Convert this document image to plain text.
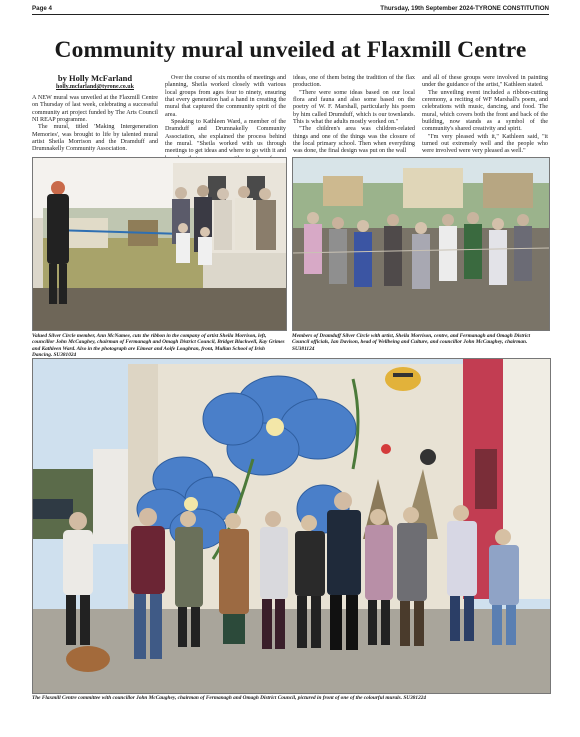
Page 4	Thursday, 19th September 2024-TYRONE CONSTITUTION
Community mural unveiled at Flaxmill Centre
by Holly McFarland
holly.mcfarland@tyrone.co.uk

A NEW mural was unveiled at the Flaxmill Centre on Thursday of last week, celebrating a successful community art project funded by The Arts Council NI REAP programme.

The mural, titled 'Making Intergeneration Memories', was brought to life by talented mural artist Sheila Morrison and the Dramduff and Drumnakelly Community Association.

Over the course of six months of meetings and planning, Sheila worked closely with various local groups from ages four to ninety, ensuring that every generation had a hand in creating the mural that captured the community spirit of the area.

Speaking to Kathleen Ward, a member of the Dramduff and Drumnakelly Community Association, she explained the process behind the mural. "Sheila worked with us through meetings to get ideas and where to go with it and

ideas, one of them being the tradition of the flax production.

"There were some ideas based on our local flora and fauna and also some based on the poetry of W. F. Marshall, particularly his poem by him called Drumduff, which is our townlands. This is what the adults mostly worked on."

"The children's area was children-related things and one of the things was the closure of the local primary school. Then when everything was done, the final design was put on the wall

and all of these groups were involved in painting under the guidance of the artist," Kathleen stated.

The unveiling event included a ribbon-cutting ceremony, a reciting of WF Marshall's poem, and celebrations with music, dancing, and food. The mural, which covers both the front and back of the building, now stands as a symbol of the community's shared creativity and spirit.

"I'm very pleased with it," Kathleen said, "it turned out extremely well and the people who were involved were very pleased as well."

Valued Silver Circle member, Ann McNamee, cuts the ribbon in the company of artist Sheila Morrison, left, councillor John McCaughey, chairman of Fermanagh and Omagh District Council, Bridget Blackwell, Kay Grimes and Kathleen Ward. Also in the photograph are Eimear and Aoife Loughran, front, Mullan School of Irish Dancing. SU381024
Members of Dramduff Silver Circle with artist, Sheila Morrison, centre, and Fermanagh and Omagh District Council officials, Ian Davison, head of Wellbeing and Culture, and councillor John McCaughey, chairman. SU381124
The Flaxmill Centre committee with councillor John McCaughey, chairman of Fermanagh and Omagh District Council, pictured in front of one of the colourful murals. SU381224
